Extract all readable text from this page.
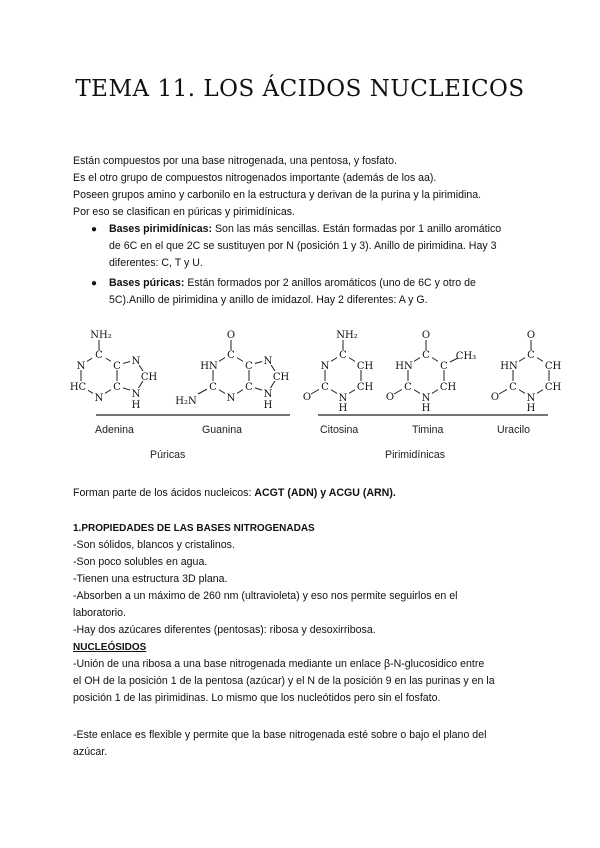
TEMA 11. LOS ÁCIDOS NUCLEICOS
Están compuestos por una base nitrogenada, una pentosa, y fosfato.
Es el otro grupo de compuestos nitrogenados importante (además de los aa).
Poseen grupos amino y carbonilo en la estructura y derivan de la purina y la pirimidina.
Por eso se clasifican en púricas y pirimidínicas.
● Bases pirimidínicas: Son las más sencillas. Están formadas por 1 anillo aromático
de 6C en el que 2C se sustituyen por N (posición 1 y 3). Anillo de pirimidina. Hay 3
diferentes: C, T y U.
● Bases púricas: Están formados por 2 anillos aromáticos (uno de 6C y otro de
5C).Anillo de pirimidina y anillo de imidazol. Hay 2 diferentes: A y G.
C
NH₂
N	C
HC	C
N
N
CH
N
H
O
C
HN	C
C	C
N
H₂N
N
CH
N
H
NH₂
C
N	CH
C	CH
N
H
O
O
C
HN	C
CH₃
C	CH
N
H
O
O
C
HN	CH
C	CH
N
H
O
Adenina	Guanina	Citosina	Timina	Uracilo
Púricas	Pirimidínicas
Forman parte de los ácidos nucleicos: ACGT (ADN) y ACGU (ARN).
1.PROPIEDADES DE LAS BASES NITROGENADAS
-Son sólidos, blancos y cristalinos.
-Son poco solubles en agua.
-Tienen una estructura 3D plana.
-Absorben a un máximo de 260 nm (ultravioleta) y eso nos permite seguirlos en el
laboratorio.
-Hay dos azúcares diferentes (pentosas): ribosa y desoxirribosa.
NUCLEÓSIDOS
-Unión de una ribosa a una base nitrogenada mediante un enlace β-N-glucosidico entre
el OH de la posición 1 de la pentosa (azúcar) y el N de la posición 9 en las purinas y en la
posición 1 de las pirimidinas. Lo mismo que los nucleótidos pero sin el fosfato.
-Este enlace es flexible y permite que la base nitrogenada esté sobre o bajo el plano del
azúcar.
